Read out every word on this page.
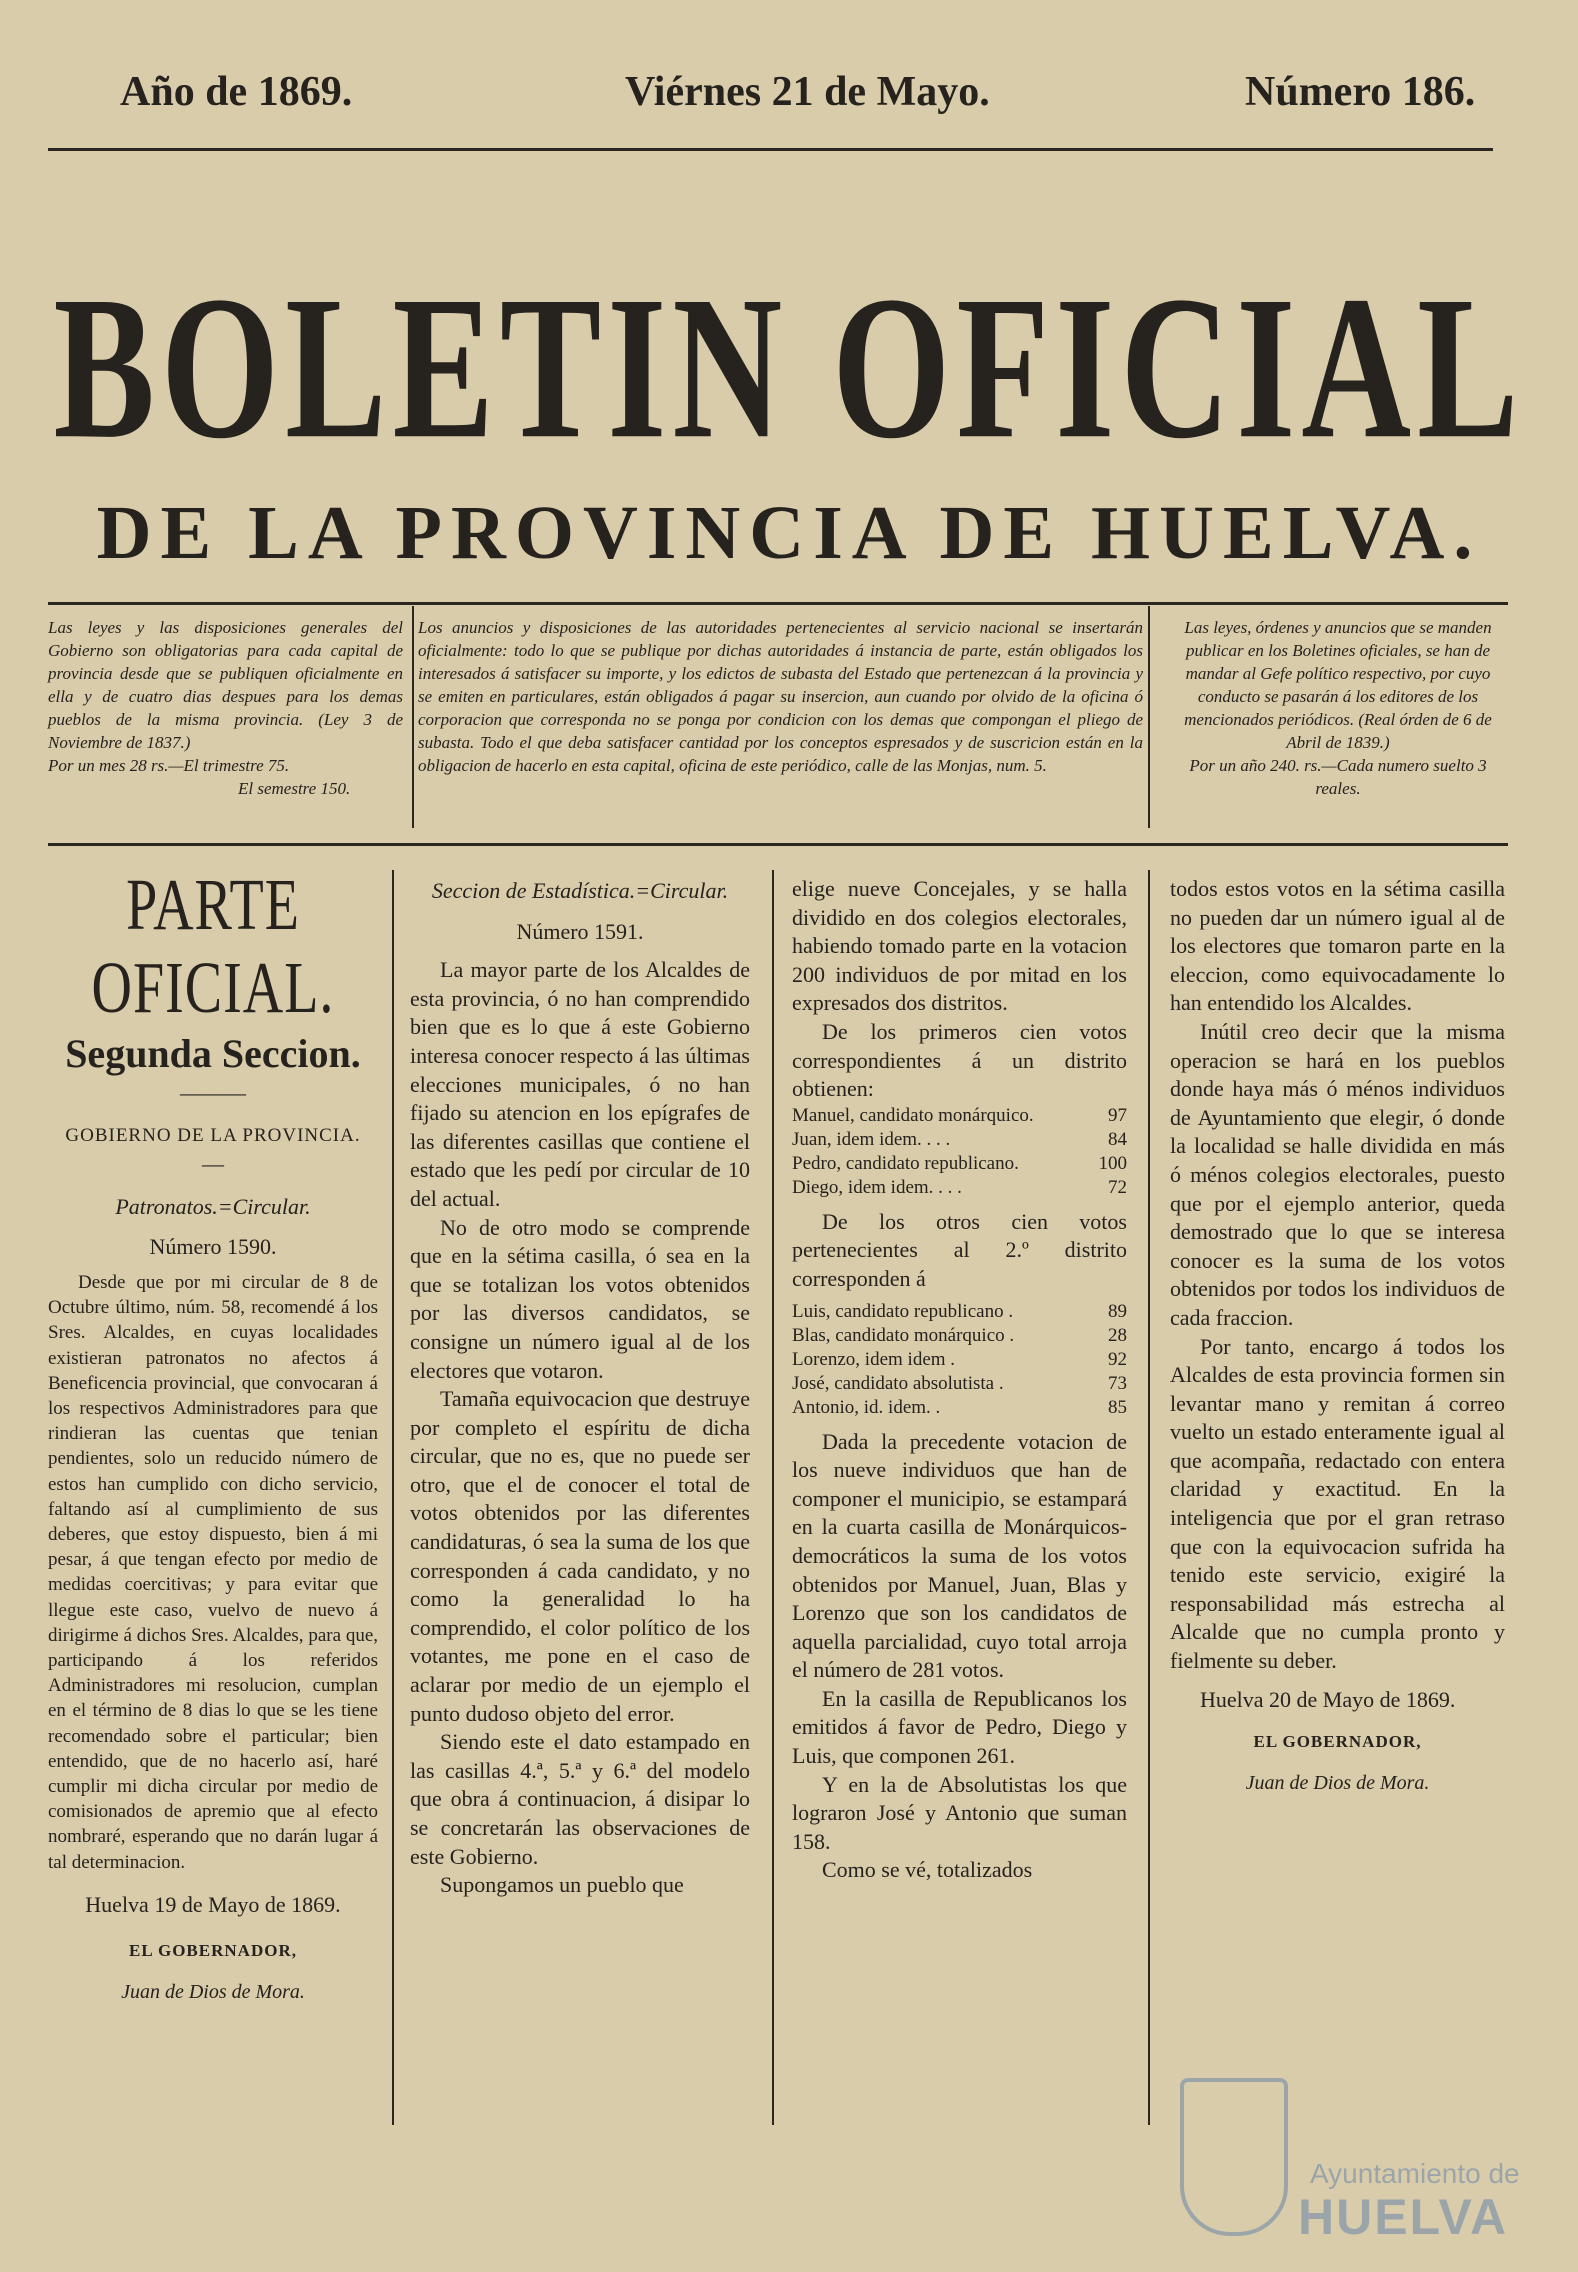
Año de 1869.	Viérnes 21 de Mayo.	Número 186.
BOLETIN OFICIAL
DE LA PROVINCIA DE HUELVA.
Las leyes y las disposiciones generales del Gobierno son obligatorias para cada capital de provincia desde que se publiquen oficialmente en ella y de cuatro dias despues para los demas pueblos de la misma provincia. (Ley 3 de Noviembre de 1837.)
Por un mes 28 rs.—El trimestre 75.
El semestre 150.
Los anuncios y disposiciones de las autoridades pertenecientes al servicio nacional se insertarán oficialmente: todo lo que se publique por dichas autoridades á instancia de parte, están obligados los interesados á satisfacer su importe, y los edictos de subasta del Estado que pertenezcan á la provincia y se emiten en particulares, están obligados á pagar su insercion, aun cuando por olvido de la oficina ó corporacion que corresponda no se ponga por condicion con los demas que compongan el pliego de subasta. Todo el que deba satisfacer cantidad por los conceptos espresados y de suscricion están en la obligacion de hacerlo en esta capital, oficina de este periódico, calle de las Monjas, num. 5.
Las leyes, órdenes y anuncios que se manden publicar en los Boletines oficiales, se han de mandar al Gefe político respectivo, por cuyo conducto se pasarán á los editores de los mencionados periódicos. (Real órden de 6 de Abril de 1839.)
Por un año 240. rs.—Cada numero suelto 3 reales.
PARTE OFICIAL.
Segunda Seccion.
———
GOBIERNO DE LA PROVINCIA.
—
Patronatos.=Circular.
Número 1590.

Desde que por mi circular de 8 de Octubre último, núm. 58, recomendé á los Sres. Alcaldes, en cuyas localidades existieran patronatos no afectos á Beneficencia provincial, que convocaran á los respectivos Administradores para que rindieran las cuentas que tenian pendientes, solo un reducido número de estos han cumplido con dicho servicio, faltando así al cumplimiento de sus deberes, que estoy dispuesto, bien á mi pesar, á que tengan efecto por medio de medidas coercitivas; y para evitar que llegue este caso, vuelvo de nuevo á dirigirme á dichos Sres. Alcaldes, para que, participando á los referidos Administradores mi resolucion, cumplan en el término de 8 dias lo que se les tiene recomendado sobre el particular; bien entendido, que de no hacerlo así, haré cumplir mi dicha circular por medio de comisionados de apremio que al efecto nombraré, esperando que no darán lugar á tal determinacion.

Huelva 19 de Mayo de 1869.
EL GOBERNADOR,
Juan de Dios de Mora.
Seccion de Estadística.=Circular.
Número 1591.

La mayor parte de los Alcaldes de esta provincia, ó no han comprendido bien que es lo que á este Gobierno interesa conocer respecto á las últimas elecciones municipales, ó no han fijado su atencion en los epígrafes de las diferentes casillas que contiene el estado que les pedí por circular de 10 del actual.

No de otro modo se comprende que en la sétima casilla, ó sea en la que se totalizan los votos obtenidos por las diversos candidatos, se consigne un número igual al de los electores que votaron.

Tamaña equivocacion que destruye por completo el espíritu de dicha circular, que no es, que no puede ser otro, que el de conocer el total de votos obtenidos por las diferentes candidaturas, ó sea la suma de los que corresponden á cada candidato, y no como la generalidad lo ha comprendido, el color político de los votantes, me pone en el caso de aclarar por medio de un ejemplo el punto dudoso objeto del error.

Siendo este el dato estampado en las casillas 4.ª, 5.ª y 6.ª del modelo que obra á continuacion, á disipar lo se concretarán las observaciones de este Gobierno.

Supongamos un pueblo que

elige nueve Concejales, y se halla dividido en dos colegios electorales, habiendo tomado parte en la votacion 200 individuos de por mitad en los expresados dos distritos.

De los primeros cien votos correspondientes á un distrito obtienen:

Manuel, candidato monárquico.	97
Juan, idem idem. . . .	84
Pedro, candidato republicano.	100
Diego, idem idem. . . .	72

De los otros cien votos pertenecientes al 2.º distrito corresponden á

Luis, candidato republicano .	89
Blas, candidato monárquico .	28
Lorenzo, idem idem .	92
José, candidato absolutista .	73
Antonio, id. idem. .	85

Dada la precedente votacion de los nueve individuos que han de componer el municipio, se estampará en la cuarta casilla de Monárquicos-democráticos la suma de los votos obtenidos por Manuel, Juan, Blas y Lorenzo que son los candidatos de aquella parcialidad, cuyo total arroja el número de 281 votos.

En la casilla de Republicanos los emitidos á favor de Pedro, Diego y Luis, que componen 261.

Y en la de Absolutistas los que lograron José y Antonio que suman 158.

Como se vé, totalizados

todos estos votos en la sétima casilla no pueden dar un número igual al de los electores que tomaron parte en la eleccion, como equivocadamente lo han entendido los Alcaldes.

Inútil creo decir que la misma operacion se hará en los pueblos donde haya más ó ménos individuos de Ayuntamiento que elegir, ó donde la localidad se halle dividida en más ó ménos colegios electorales, puesto que por el ejemplo anterior, queda demostrado que lo que se interesa conocer es la suma de los votos obtenidos por todos los individuos de cada fraccion.

Por tanto, encargo á todos los Alcaldes de esta provincia formen sin levantar mano y remitan á correo vuelto un estado enteramente igual al que acompaña, redactado con entera claridad y exactitud. En la inteligencia que por el gran retraso que con la equivocacion sufrida ha tenido este servicio, exigiré la responsabilidad más estrecha al Alcalde que no cumpla pronto y fielmente su deber.

Huelva 20 de Mayo de 1869.

EL GOBERNADOR,
Juan de Dios de Mora.
Ayuntamiento de
HUELVA
